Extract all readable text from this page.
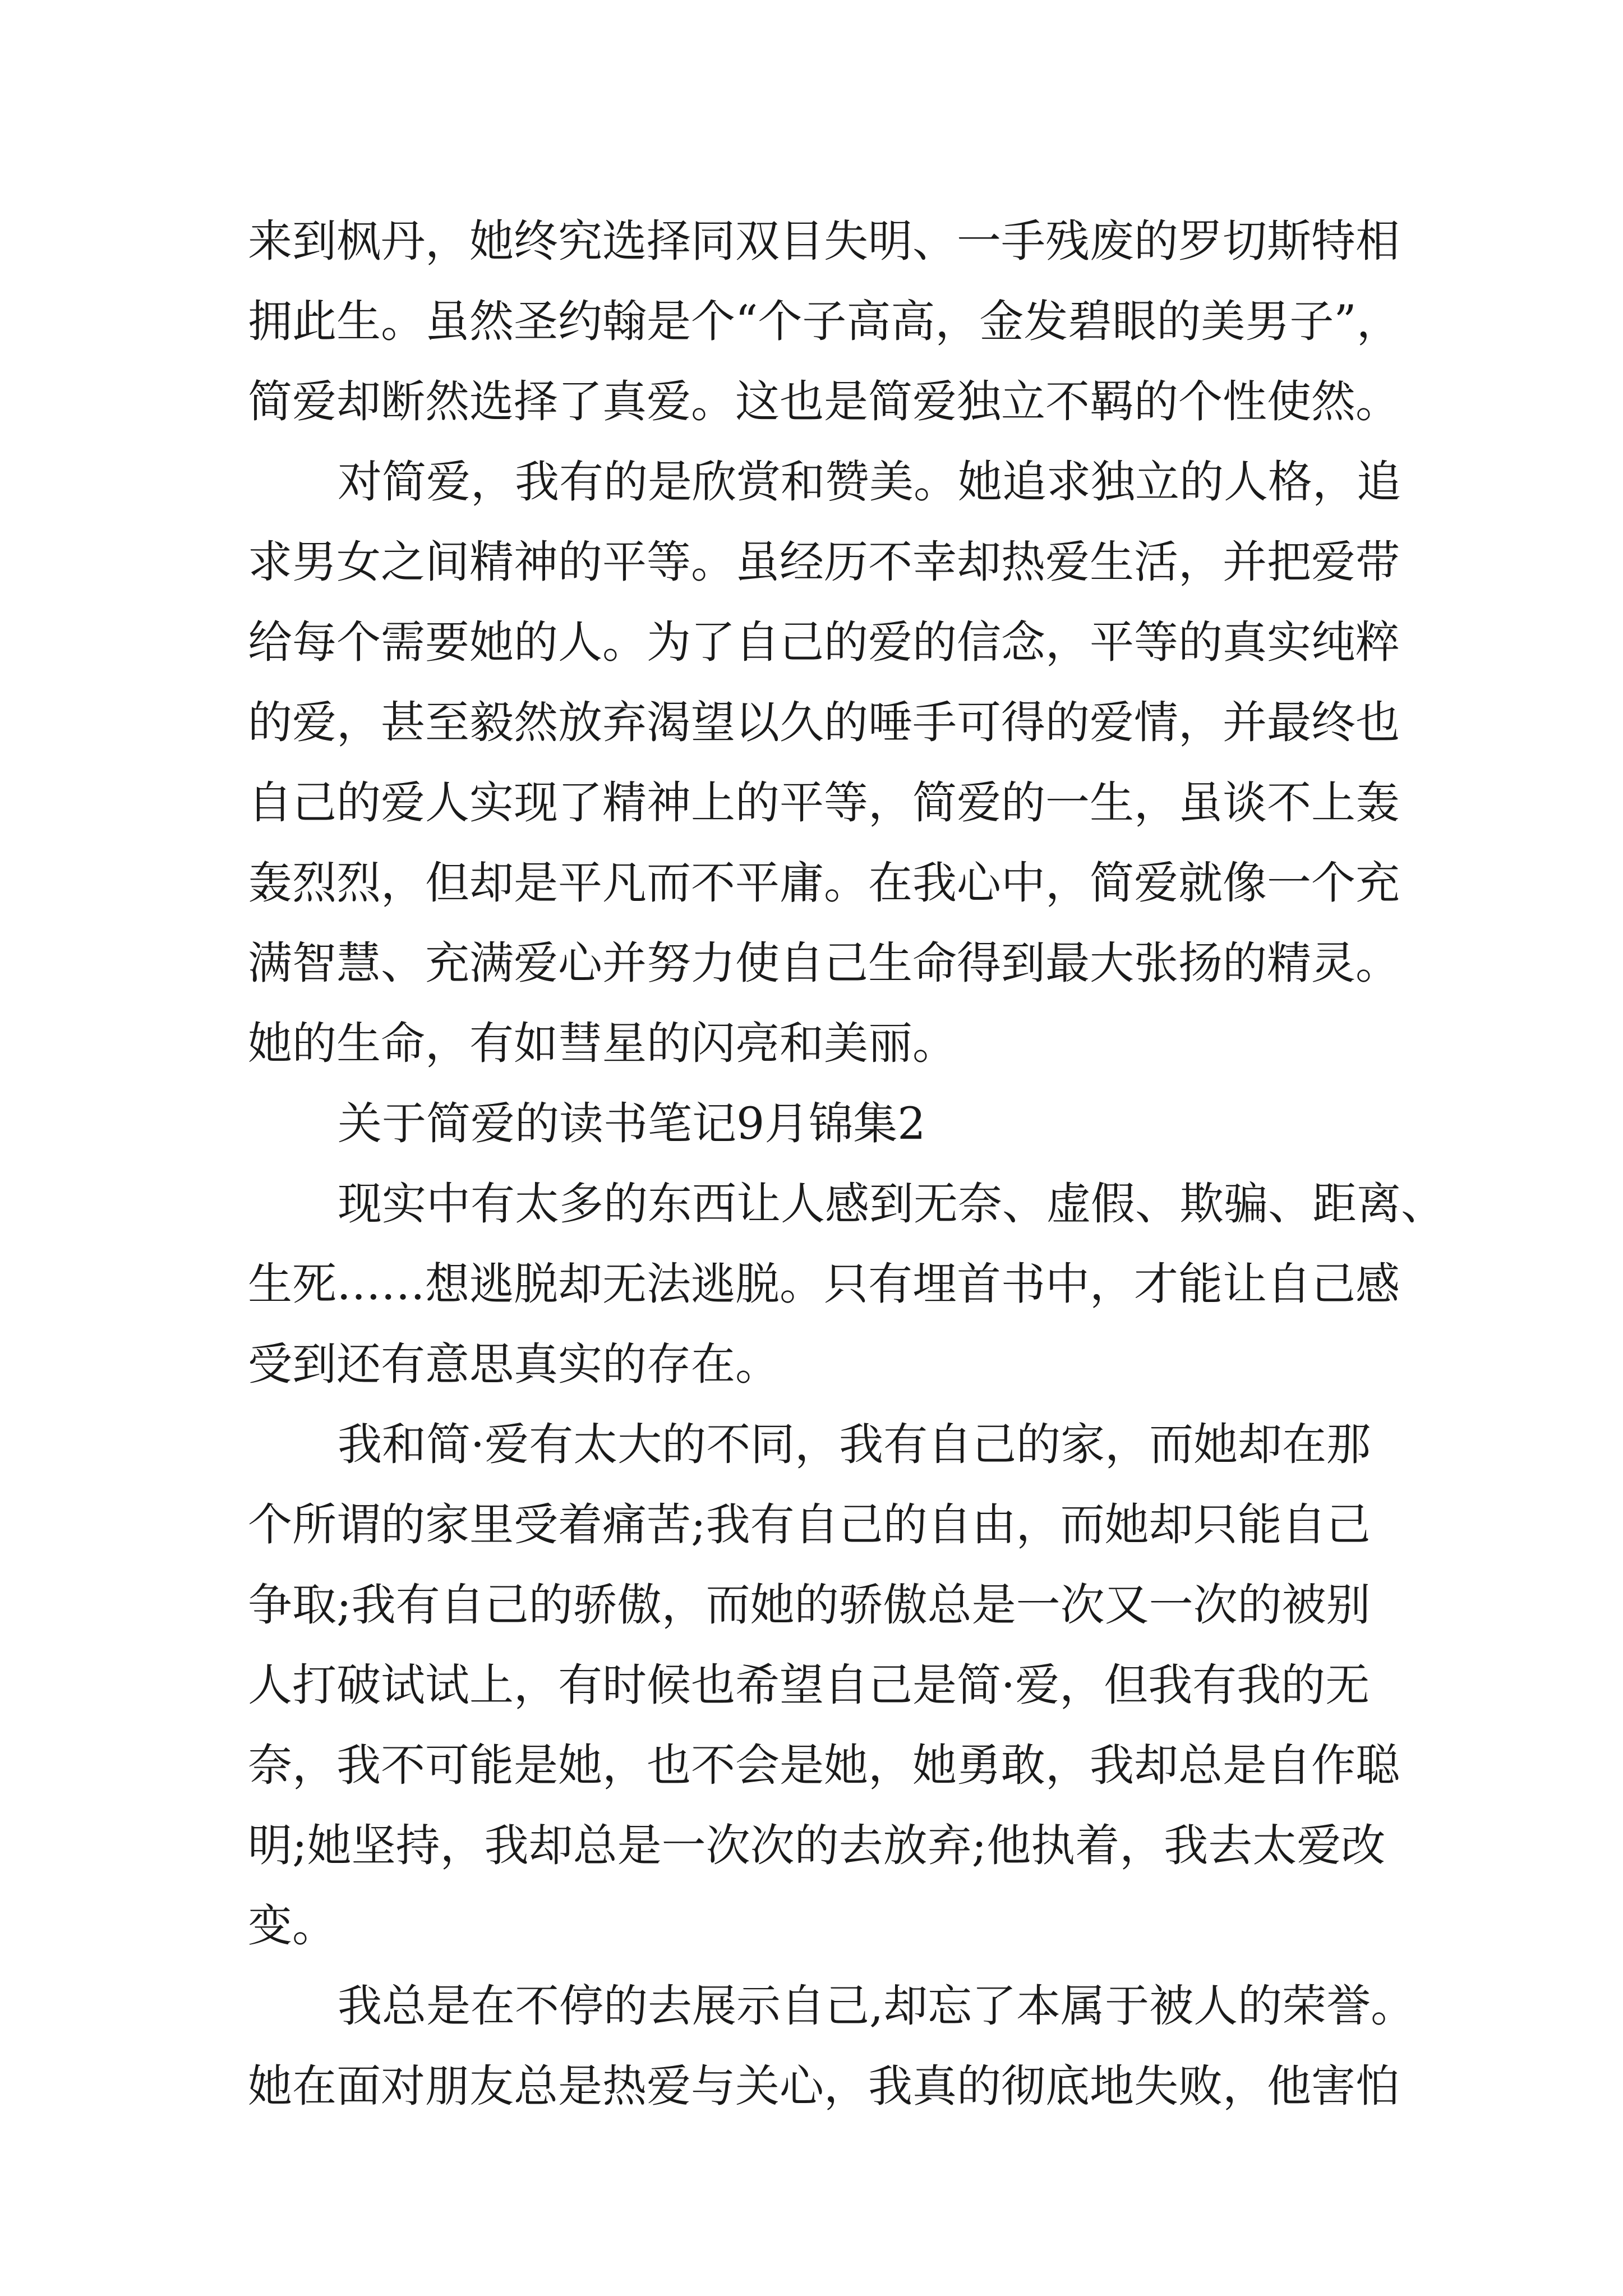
来到枫丹，她终究选择同双目失明、一手残废的罗切斯特相
拥此生。虽然圣约翰是个“个子高高，金发碧眼的美男子”，
简爱却断然选择了真爱。这也是简爱独立不羁的个性使然。
对简爱，我有的是欣赏和赞美。她追求独立的人格，追
求男女之间精神的平等。虽经历不幸却热爱生活，并把爱带
给每个需要她的人。为了自己的爱的信念，平等的真实纯粹
的爱，甚至毅然放弃渴望以久的唾手可得的爱情，并最终也
自己的爱人实现了精神上的平等，简爱的一生，虽谈不上轰
轰烈烈，但却是平凡而不平庸。在我心中，简爱就像一个充
满智慧、充满爱心并努力使自己生命得到最大张扬的精灵。
她的生命，有如彗星的闪亮和美丽。
关于简爱的读书笔记9月锦集2
现实中有太多的东西让人感到无奈、虚假、欺骗、距离、
生死……想逃脱却无法逃脱。只有埋首书中，才能让自己感
受到还有意思真实的存在。
我和简·爱有太大的不同，我有自己的家，而她却在那
个所谓的家里受着痛苦;我有自己的自由，而她却只能自己
争取;我有自己的骄傲，而她的骄傲总是一次又一次的被别
人打破试试上，有时候也希望自己是简·爱，但我有我的无
奈，我不可能是她，也不会是她，她勇敢，我却总是自作聪
明;她坚持，我却总是一次次的去放弃;他执着，我去太爱改
变。
我总是在不停的去展示自己,却忘了本属于被人的荣誉。
她在面对朋友总是热爱与关心，我真的彻底地失败，他害怕
